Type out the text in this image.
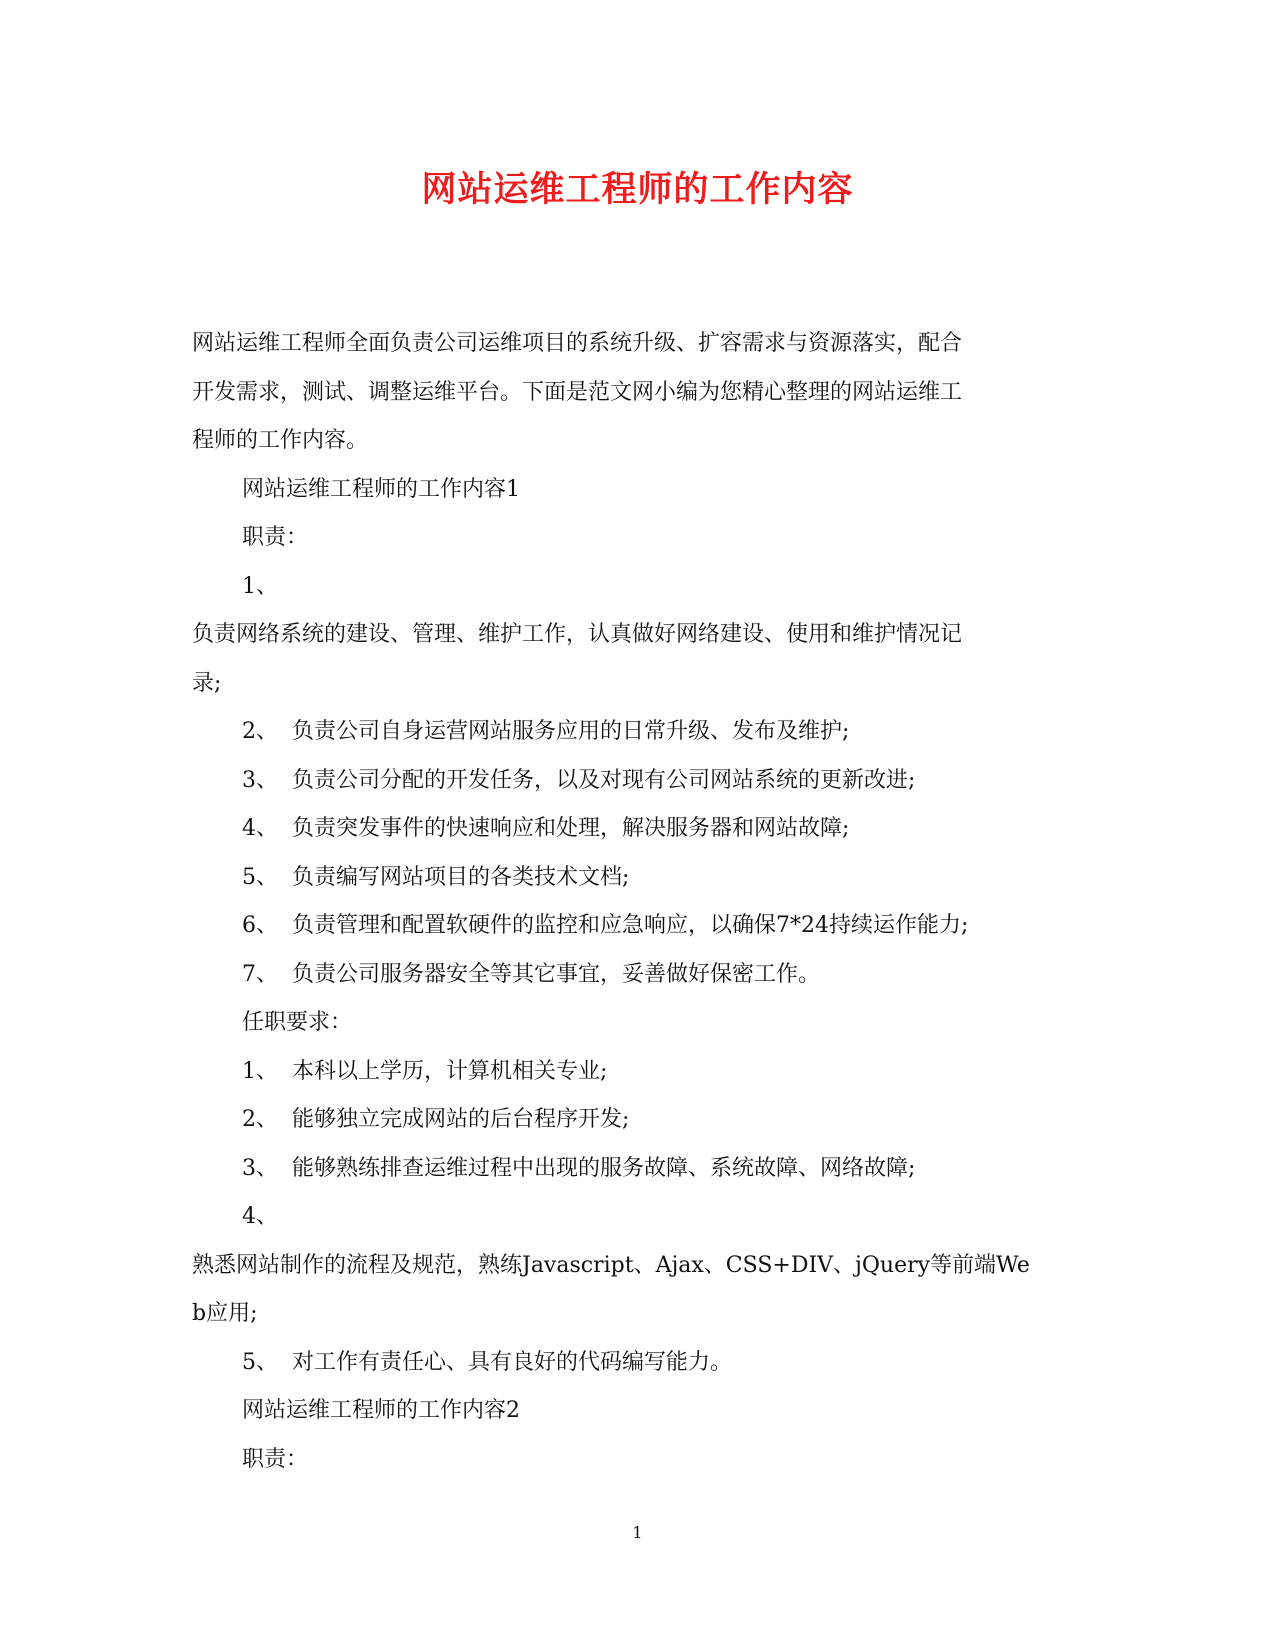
网站运维工程师的工作内容

网站运维工程师全面负责公司运维项目的系统升级、扩容需求与资源落实，配合

开发需求，测试、调整运维平台。下面是范文网小编为您精心整理的网站运维工

程师的工作内容。

网站运维工程师的工作内容1

职责：

1、

负责网络系统的建设、管理、维护工作，认真做好网络建设、使用和维护情况记

录;

2、 负责公司自身运营网站服务应用的日常升级、发布及维护;

3、 负责公司分配的开发任务，以及对现有公司网站系统的更新改进;

4、 负责突发事件的快速响应和处理，解决服务器和网站故障;

5、 负责编写网站项目的各类技术文档;

6、 负责管理和配置软硬件的监控和应急响应，以确保7*24持续运作能力;

7、 负责公司服务器安全等其它事宜，妥善做好保密工作。

任职要求：

1、 本科以上学历，计算机相关专业;

2、 能够独立完成网站的后台程序开发;

3、 能够熟练排查运维过程中出现的服务故障、系统故障、网络故障;

4、

熟悉网站制作的流程及规范，熟练Javascript、Ajax、CSS+DIV、jQuery等前端We

b应用;

5、 对工作有责任心、具有良好的代码编写能力。

网站运维工程师的工作内容2

职责：

1
